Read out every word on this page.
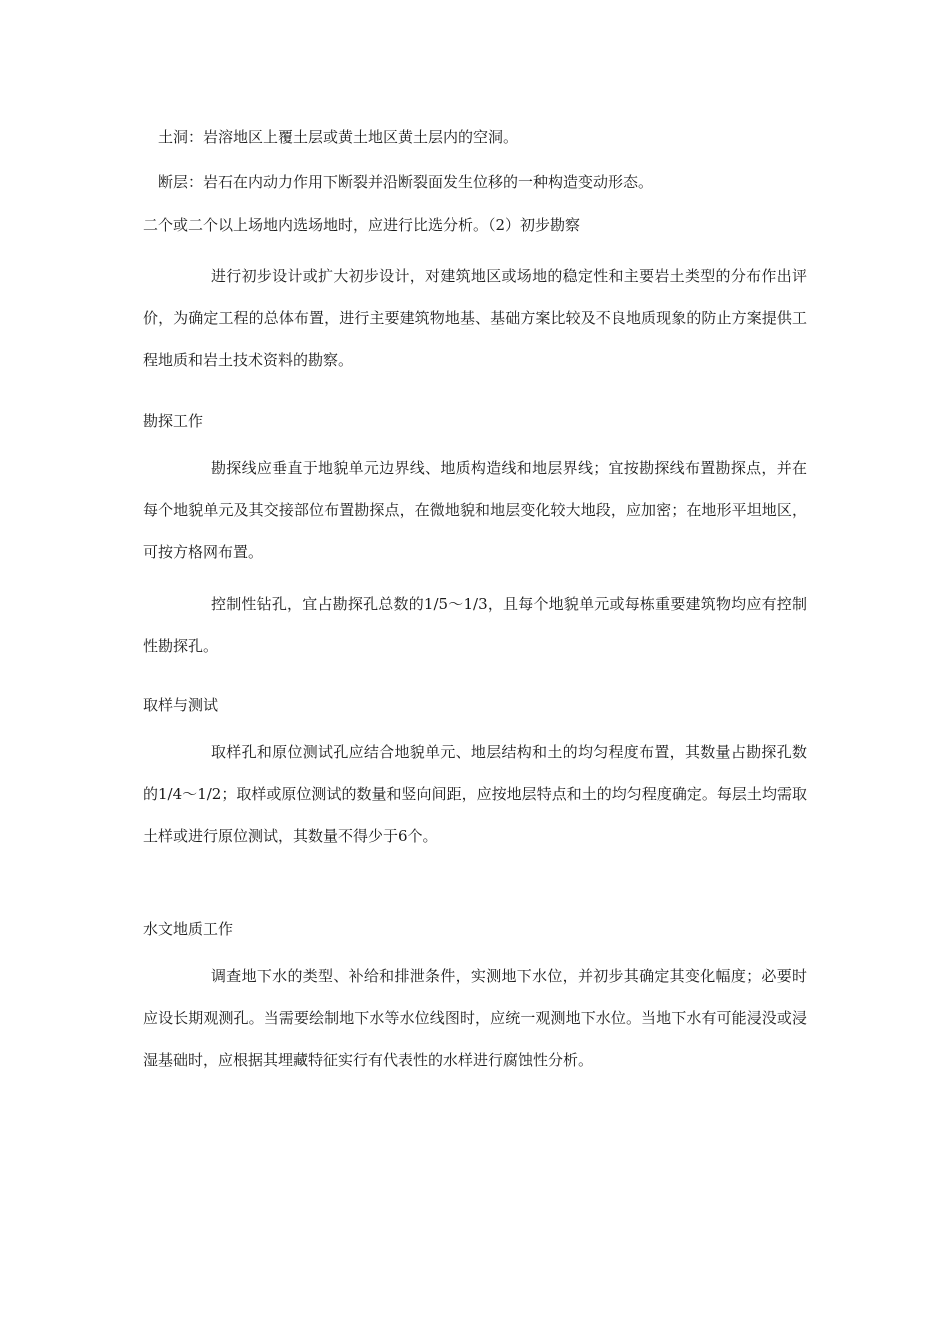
土洞：岩溶地区上覆土层或黄土地区黄土层内的空洞。
断层：岩石在内动力作用下断裂并沿断裂面发生位移的一种构造变动形态。
二个或二个以上场地内选场地时，应进行比选分析。（2）初步勘察
进行初步设计或扩大初步设计，对建筑地区或场地的稳定性和主要岩土类型的分布作出评价，为确定工程的总体布置，进行主要建筑物地基、基础方案比较及不良地质现象的防止方案提供工程地质和岩土技术资料的勘察。
勘探工作
勘探线应垂直于地貌单元边界线、地质构造线和地层界线；宜按勘探线布置勘探点，并在每个地貌单元及其交接部位布置勘探点，在微地貌和地层变化较大地段，应加密；在地形平坦地区，可按方格网布置。
控制性钻孔，宜占勘探孔总数的1/5～1/3，且每个地貌单元或每栋重要建筑物均应有控制性勘探孔。
取样与测试
取样孔和原位测试孔应结合地貌单元、地层结构和土的均匀程度布置，其数量占勘探孔数的1/4～1/2；取样或原位测试的数量和竖向间距，应按地层特点和土的均匀程度确定。每层土均需取土样或进行原位测试，其数量不得少于6个。
水文地质工作
调查地下水的类型、补给和排泄条件，实测地下水位，并初步其确定其变化幅度；必要时应设长期观测孔。当需要绘制地下水等水位线图时，应统一观测地下水位。当地下水有可能浸没或浸湿基础时，应根据其埋藏特征实行有代表性的水样进行腐蚀性分析。
